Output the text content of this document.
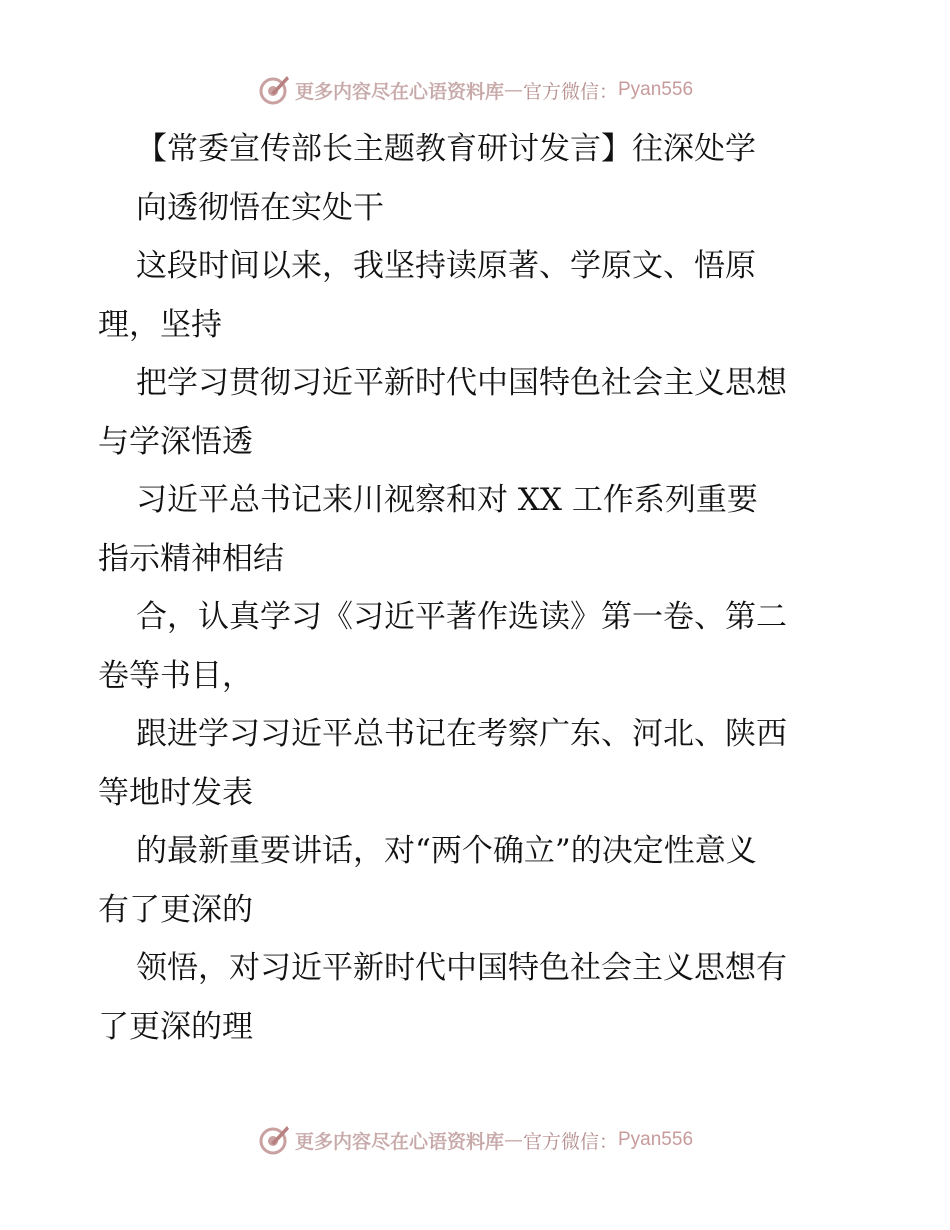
更多内容尽在心语资料库 — 官方微信： Pyan556
【常委宣传部长主题教育研讨发言】往深处学
向透彻悟在实处干
这段时间以来，我坚持读原著、学原文、悟原
理，坚持
把学习贯彻习近平新时代中国特色社会主义思想
与学深悟透
习近平总书记来川视察和对 XX 工作系列重要
指示精神相结
合，认真学习《习近平著作选读》第一卷、第二
卷等书目，
跟进学习习近平总书记在考察广东、河北、陕西
等地时发表
的最新重要讲话，对“两个确立”的决定性意义
有了更深的
领悟，对习近平新时代中国特色社会主义思想有
了更深的理
更多内容尽在心语资料库 — 官方微信： Pyan556
